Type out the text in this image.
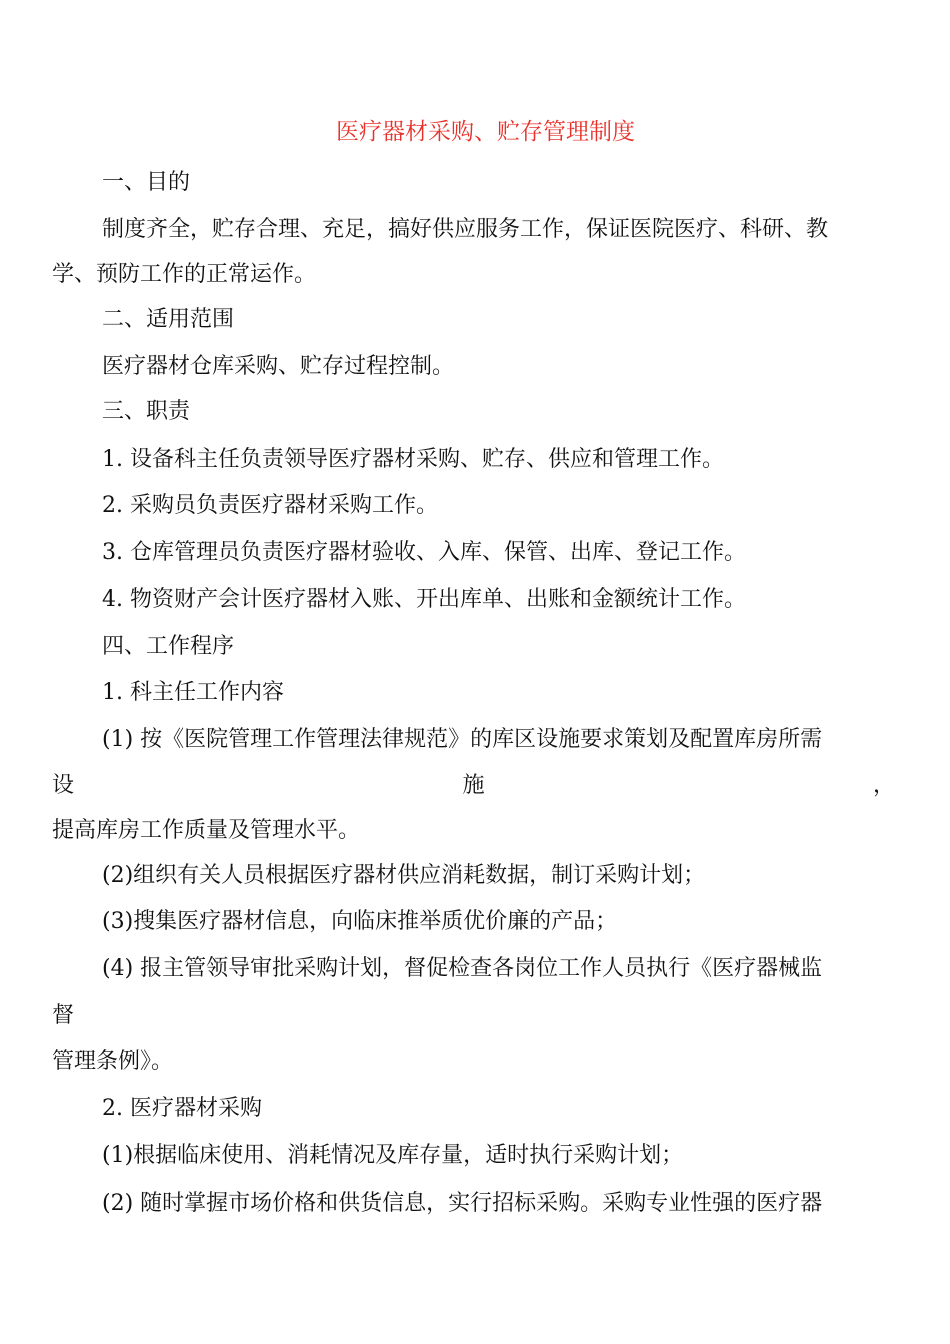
医疗器材采购、贮存管理制度
一、目的
制度齐全，贮存合理、充足，搞好供应服务工作，保证医院医疗、科研、教
学、预防工作的正常运作。
二、适用范围
医疗器材仓库采购、贮存过程控制。
三、职责
1. 设备科主任负责领导医疗器材采购、贮存、供应和管理工作。
2. 采购员负责医疗器材采购工作。
3. 仓库管理员负责医疗器材验收、入库、保管、出库、登记工作。
4. 物资财产会计医疗器材入账、开出库单、出账和金额统计工作。
四、工作程序
1. 科主任工作内容
(1) 按《医院管理工作管理法律规范》的库区设施要求策划及配置库房所需
设	施	，
提高库房工作质量及管理水平。
(2)组织有关人员根据医疗器材供应消耗数据，制订采购计划；
(3)搜集医疗器材信息，向临床推举质优价廉的产品；
(4) 报主管领导审批采购计划，督促检查各岗位工作人员执行《医疗器械监
督
管理条例》。
2. 医疗器材采购
(1)根据临床使用、消耗情况及库存量，适时执行采购计划；
(2) 随时掌握市场价格和供货信息，实行招标采购。采购专业性强的医疗器
